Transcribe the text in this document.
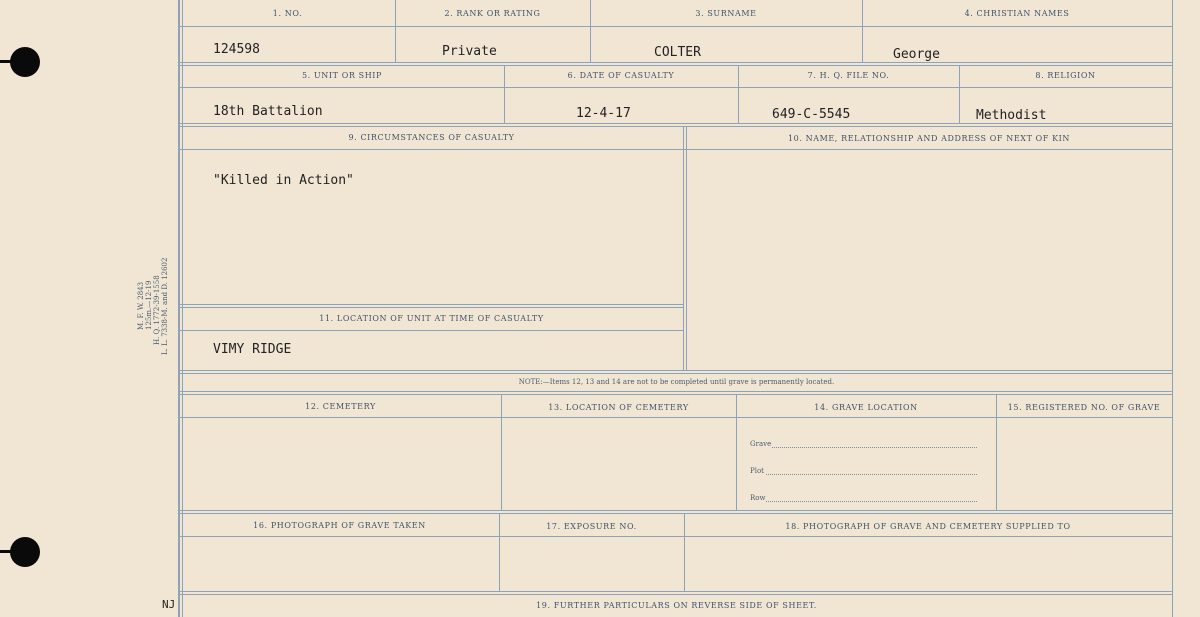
M. F. W. 2843 125m.—12-19 H. Q. 1772-39-1558 L. L. 7338-M. and D. 12602
NJ
1. NO.	2. RANK OR RATING	3. SURNAME	4. CHRISTIAN NAMES
124598	Private	COLTER	George
5. UNIT OR SHIP	6. DATE OF CASUALTY	7. H. Q. FILE NO.	8. RELIGION
18th Battalion	12-4-17	649-C-5545	Methodist
9. CIRCUMSTANCES OF CASUALTY	10. NAME, RELATIONSHIP AND ADDRESS OF NEXT OF KIN
"Killed in Action"
11. LOCATION OF UNIT AT TIME OF CASUALTY
VIMY RIDGE
NOTE:—Items 12, 13 and 14 are not to be completed until grave is permanently located.
12. CEMETERY	13. LOCATION OF CEMETERY	14. GRAVE LOCATION	15. REGISTERED NO. OF GRAVE
Grave
Plot
Row
16. PHOTOGRAPH OF GRAVE TAKEN	17. EXPOSURE NO.	18. PHOTOGRAPH OF GRAVE AND CEMETERY SUPPLIED TO
19. FURTHER PARTICULARS ON REVERSE SIDE OF SHEET.
